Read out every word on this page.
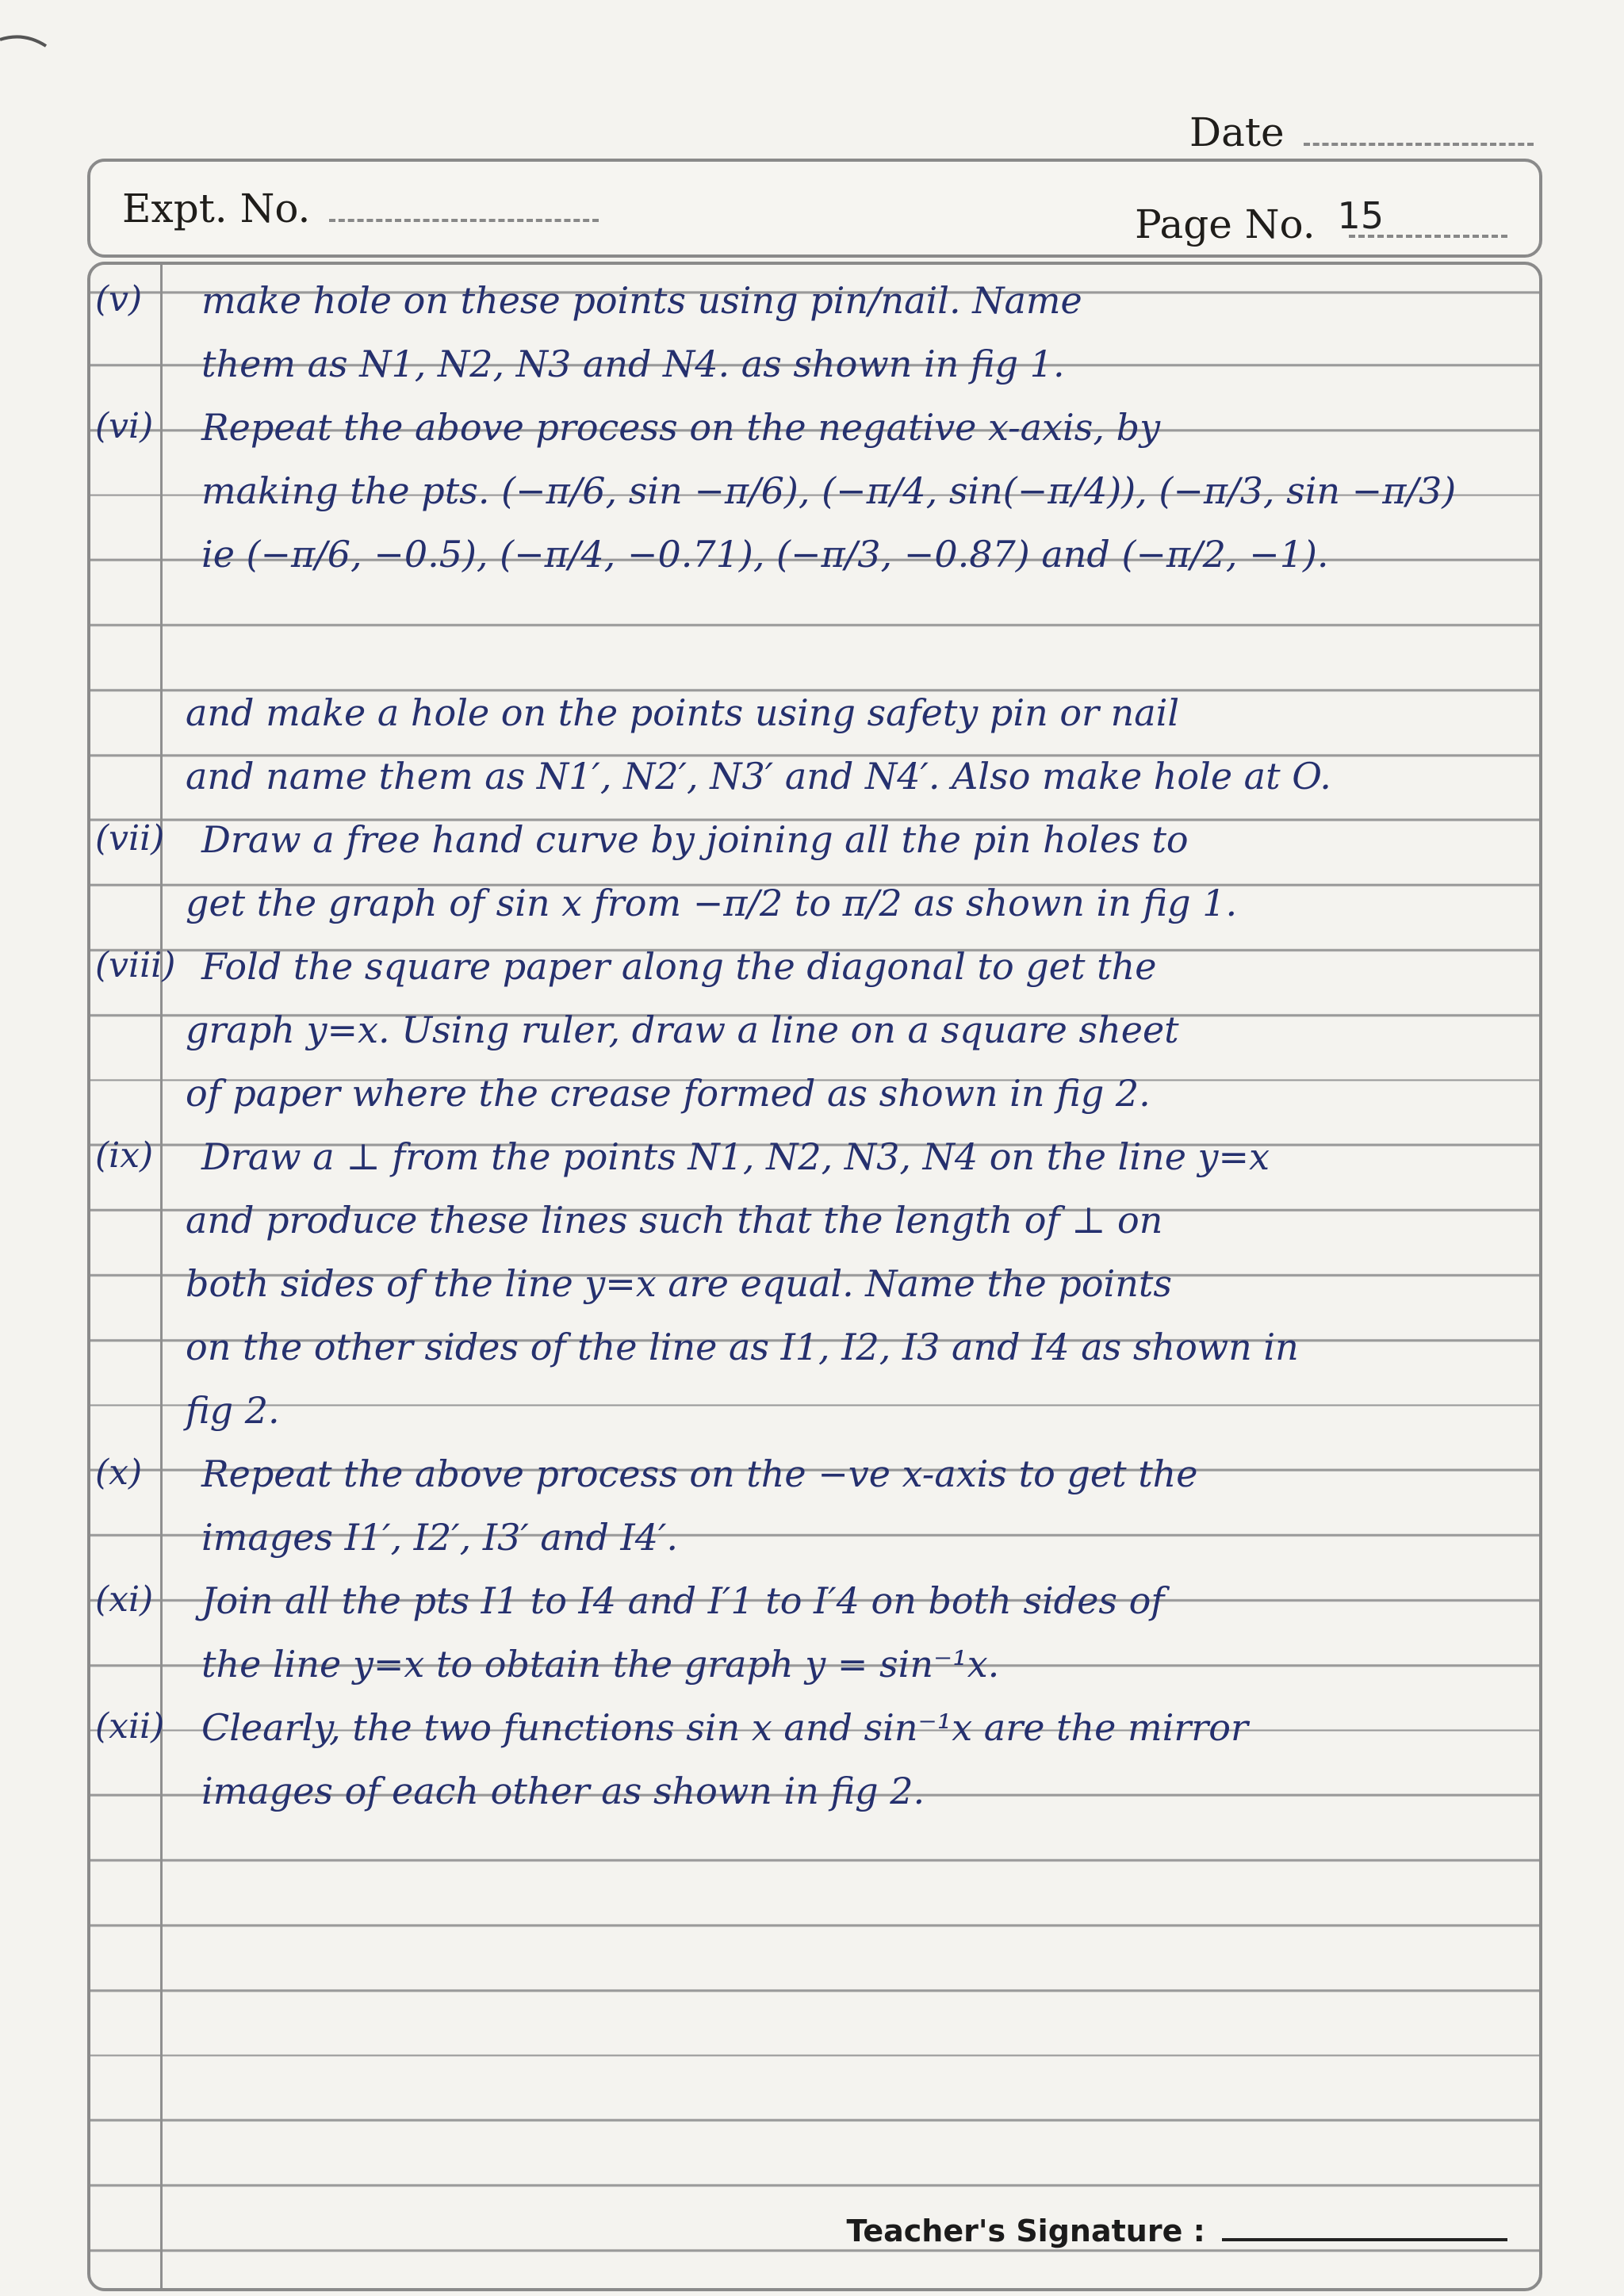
Date
Expt. No.	Page No. 15
(v) make hole on these points using pin/nail. Name
them as N1, N2, N3 and N4. as shown in fig 1.
(vi) Repeat the above process on the negative x-axis, by
making the pts. (−π/6, sin −π/6), (−π/4, sin(−π/4)), (−π/3, sin −π/3)
ie (−π/6, −0.5), (−π/4, −0.71), (−π/3, −0.87) and (−π/2, −1).
and make a hole on the points using safety pin or nail
and name them as N1′, N2′, N3′ and N4′. Also make hole at O.
(vii) Draw a free hand curve by joining all the pin holes to
get the graph of sin x from −π/2 to π/2 as shown in fig 1.
(viii) Fold the square paper along the diagonal to get the
graph y=x. Using ruler, draw a line on a square sheet
of paper where the crease formed as shown in fig 2.
(ix) Draw a ⊥ from the points N1, N2, N3, N4 on the line y=x
and produce these lines such that the length of ⊥ on
both sides of the line y=x are equal. Name the points
on the other sides of the line as I1, I2, I3 and I4 as shown in
fig 2.
(x) Repeat the above process on the −ve x-axis to get the
images I1′, I2′, I3′ and I4′.
(xi) Join all the pts I1 to I4 and I′1 to I′4 on both sides of
the line y=x to obtain the graph y = sin⁻¹x.
(xii) Clearly, the two functions sin x and sin⁻¹x are the mirror
images of each other as shown in fig 2.
Teacher's Signature :
